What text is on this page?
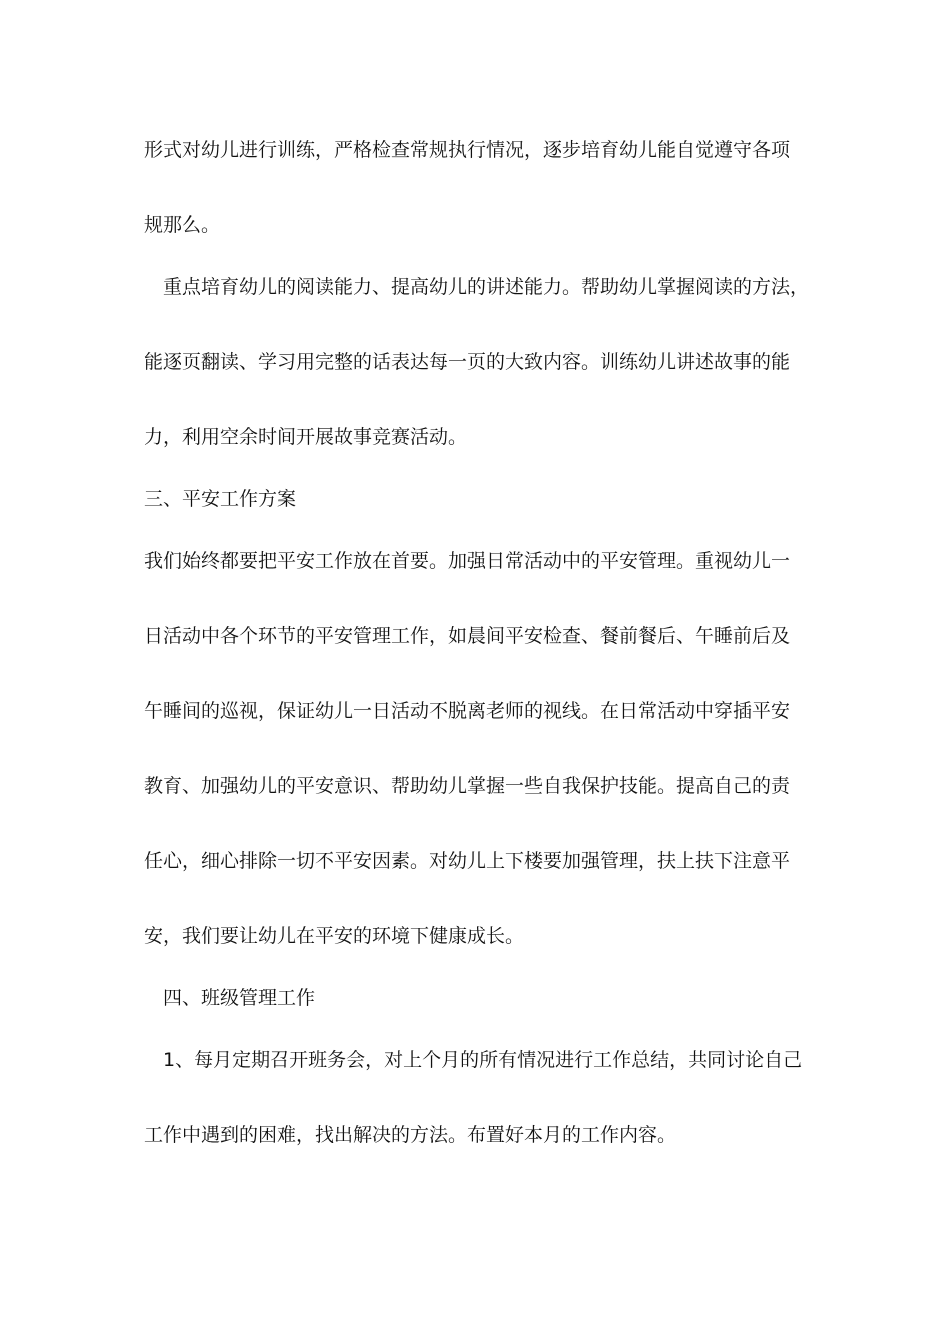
形式对幼儿进行训练，严格检查常规执行情况，逐步培育幼儿能自觉遵守各项

规那么。

重点培育幼儿的阅读能力、提高幼儿的讲述能力。帮助幼儿掌握阅读的方法，

能逐页翻读、学习用完整的话表达每一页的大致内容。训练幼儿讲述故事的能

力，利用空余时间开展故事竞赛活动。

三、平安工作方案

我们始终都要把平安工作放在首要。加强日常活动中的平安管理。重视幼儿一

日活动中各个环节的平安管理工作，如晨间平安检查、餐前餐后、午睡前后及

午睡间的巡视，保证幼儿一日活动不脱离老师的视线。在日常活动中穿插平安

教育、加强幼儿的平安意识、帮助幼儿掌握一些自我保护技能。提高自己的责

任心，细心排除一切不平安因素。对幼儿上下楼要加强管理，扶上扶下注意平

安，我们要让幼儿在平安的环境下健康成长。

四、班级管理工作

1、每月定期召开班务会，对上个月的所有情况进行工作总结，共同讨论自己

工作中遇到的困难，找出解决的方法。布置好本月的工作内容。
